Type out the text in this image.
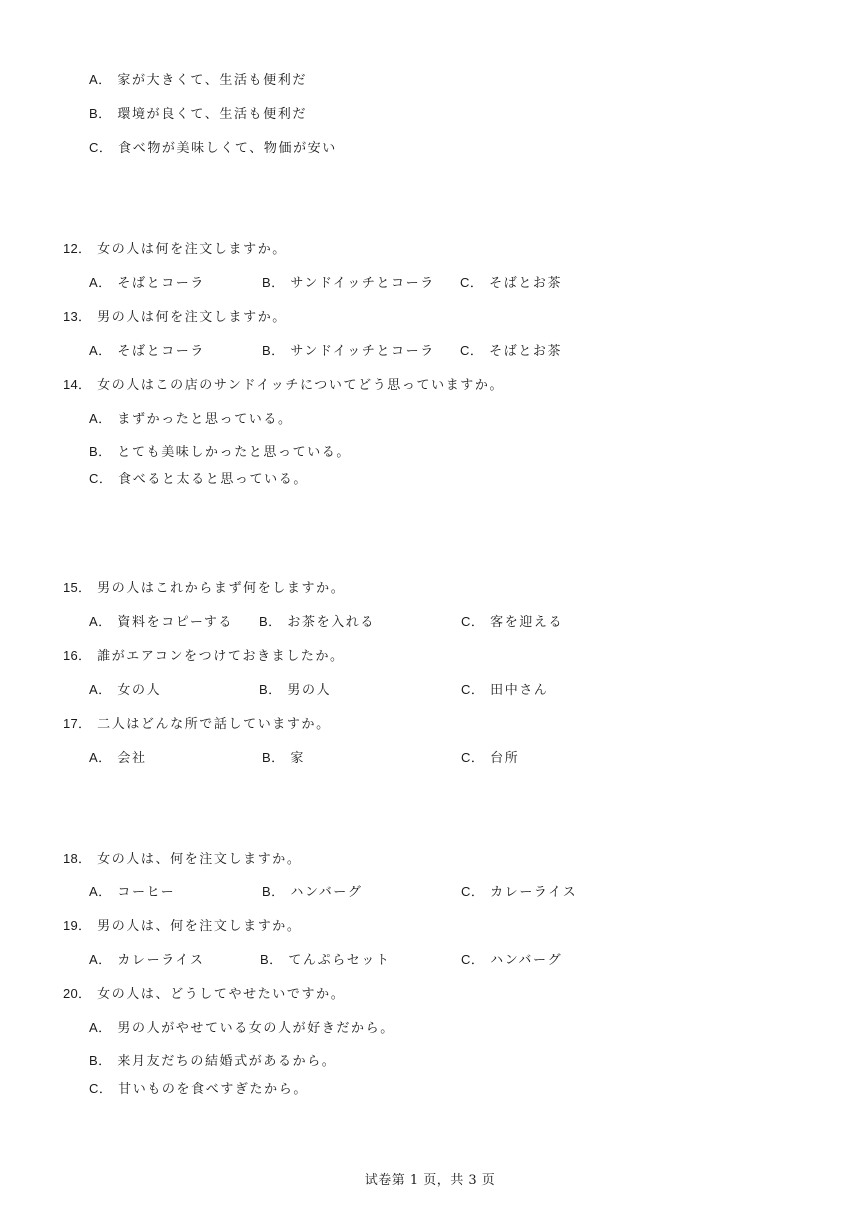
A． 家が大きくて、生活も便利だ
B． 環境が良くて、生活も便利だ
C． 食べ物が美味しくて、物価が安い
12． 女の人は何を注文しますか。
A． そばとコーラ	B． サンドイッチとコーラ C． そばとお茶
13． 男の人は何を注文しますか。
A． そばとコーラ	B． サンドイッチとコーラ C． そばとお茶
14． 女の人はこの店のサンドイッチについてどう思っていますか。
A． まずかったと思っている。
B． とても美味しかったと思っている。
C． 食べると太ると思っている。
15． 男の人はこれからまず何をしますか。
A． 資料をコピーする B． お茶を入れる	C． 客を迎える
16． 誰がエアコンをつけておきましたか。
A． 女の人	B． 男の人	C． 田中さん
17． 二人はどんな所で話していますか。
A． 会社	B． 家	C． 台所
18． 女の人は、何を注文しますか。
A． コーヒー	B． ハンバーグ	C． カレーライス
19． 男の人は、何を注文しますか。
A． カレーライス	B． てんぷらセット	C． ハンバーグ
20． 女の人は、どうしてやせたいですか。
A． 男の人がやせている女の人が好きだから。
B． 来月友だちの結婚式があるから。
C． 甘いものを食べすぎたから。
试卷第 1 页，共 3 页
